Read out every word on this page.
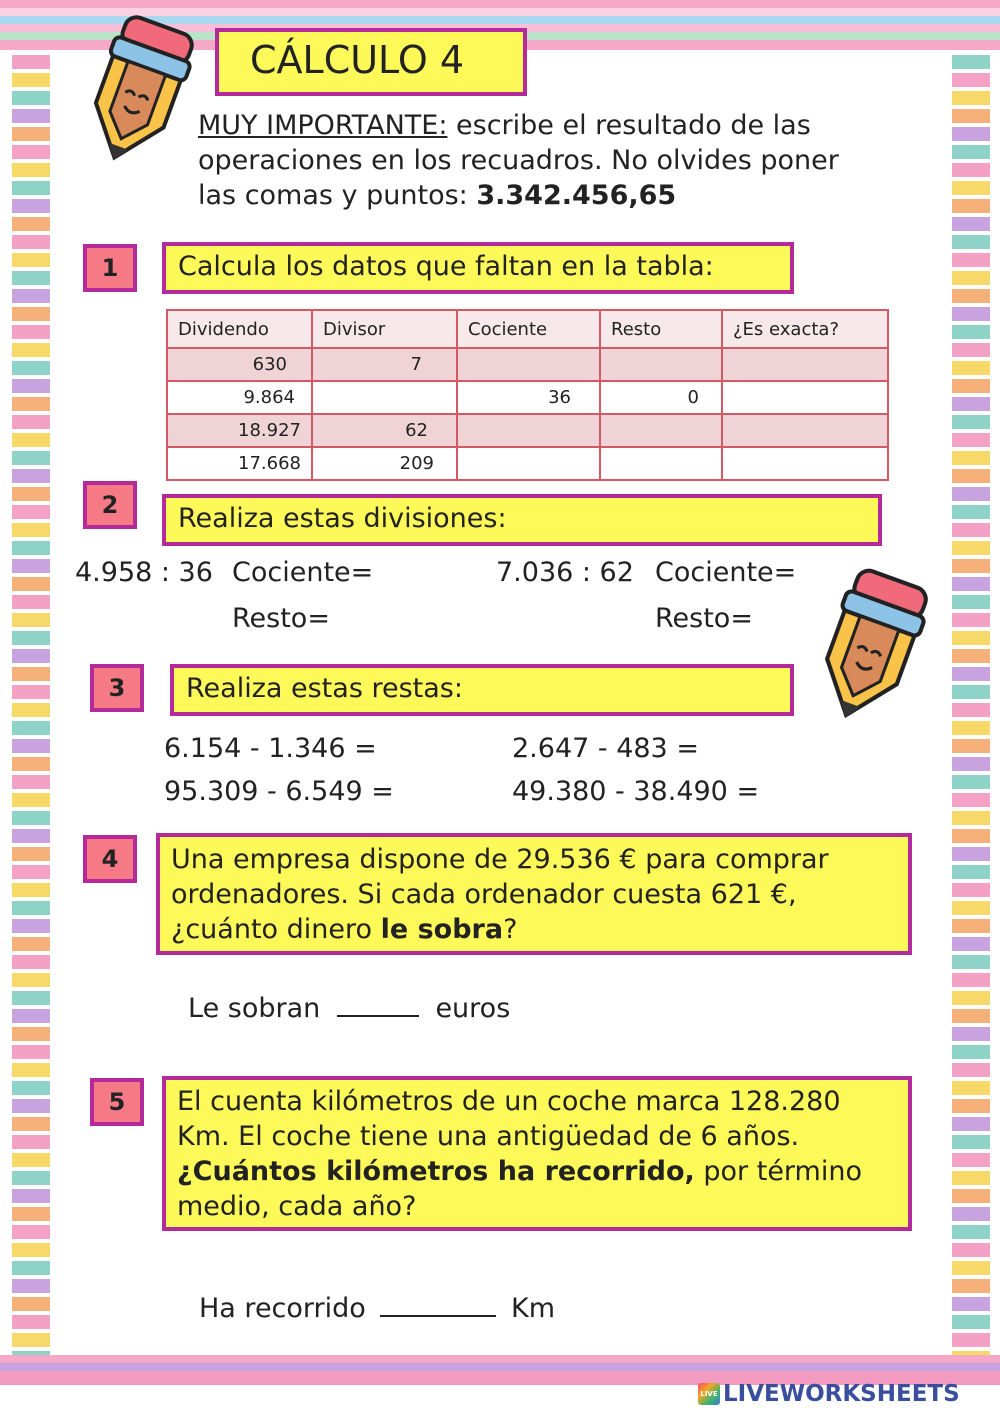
CÁLCULO 4
MUY IMPORTANTE: escribe el resultado de las
operaciones en los recuadros. No olvides poner
las comas y puntos: 3.342.456,65
1	Calcula los datos que faltan en la tabla:
Dividendo	Divisor	Cociente	Resto	¿Es exacta?
630	7			
9.864		36	0	
18.927	62			
17.668	209			
2	Realiza estas divisiones:
4.958 : 36 Cociente=
Resto=
7.036 : 62 Cociente=
Resto=
3	Realiza estas restas:
6.154 - 1.346 =	2.647 - 483 =
95.309 - 6.549 =	49.380 - 38.490 =
4	Una empresa dispone de 29.536 € para comprar
ordenadores. Si cada ordenador cuesta 621 €,
¿cuánto dinero le sobra?
Le sobran	euros
5	El cuenta kilómetros de un coche marca 128.280
Km. El coche tiene una antigüedad de 6 años.
¿Cuántos kilómetros ha recorrido, por término
medio, cada año?
Ha recorrido	Km
LIVE LIVEWORKSHEETS
